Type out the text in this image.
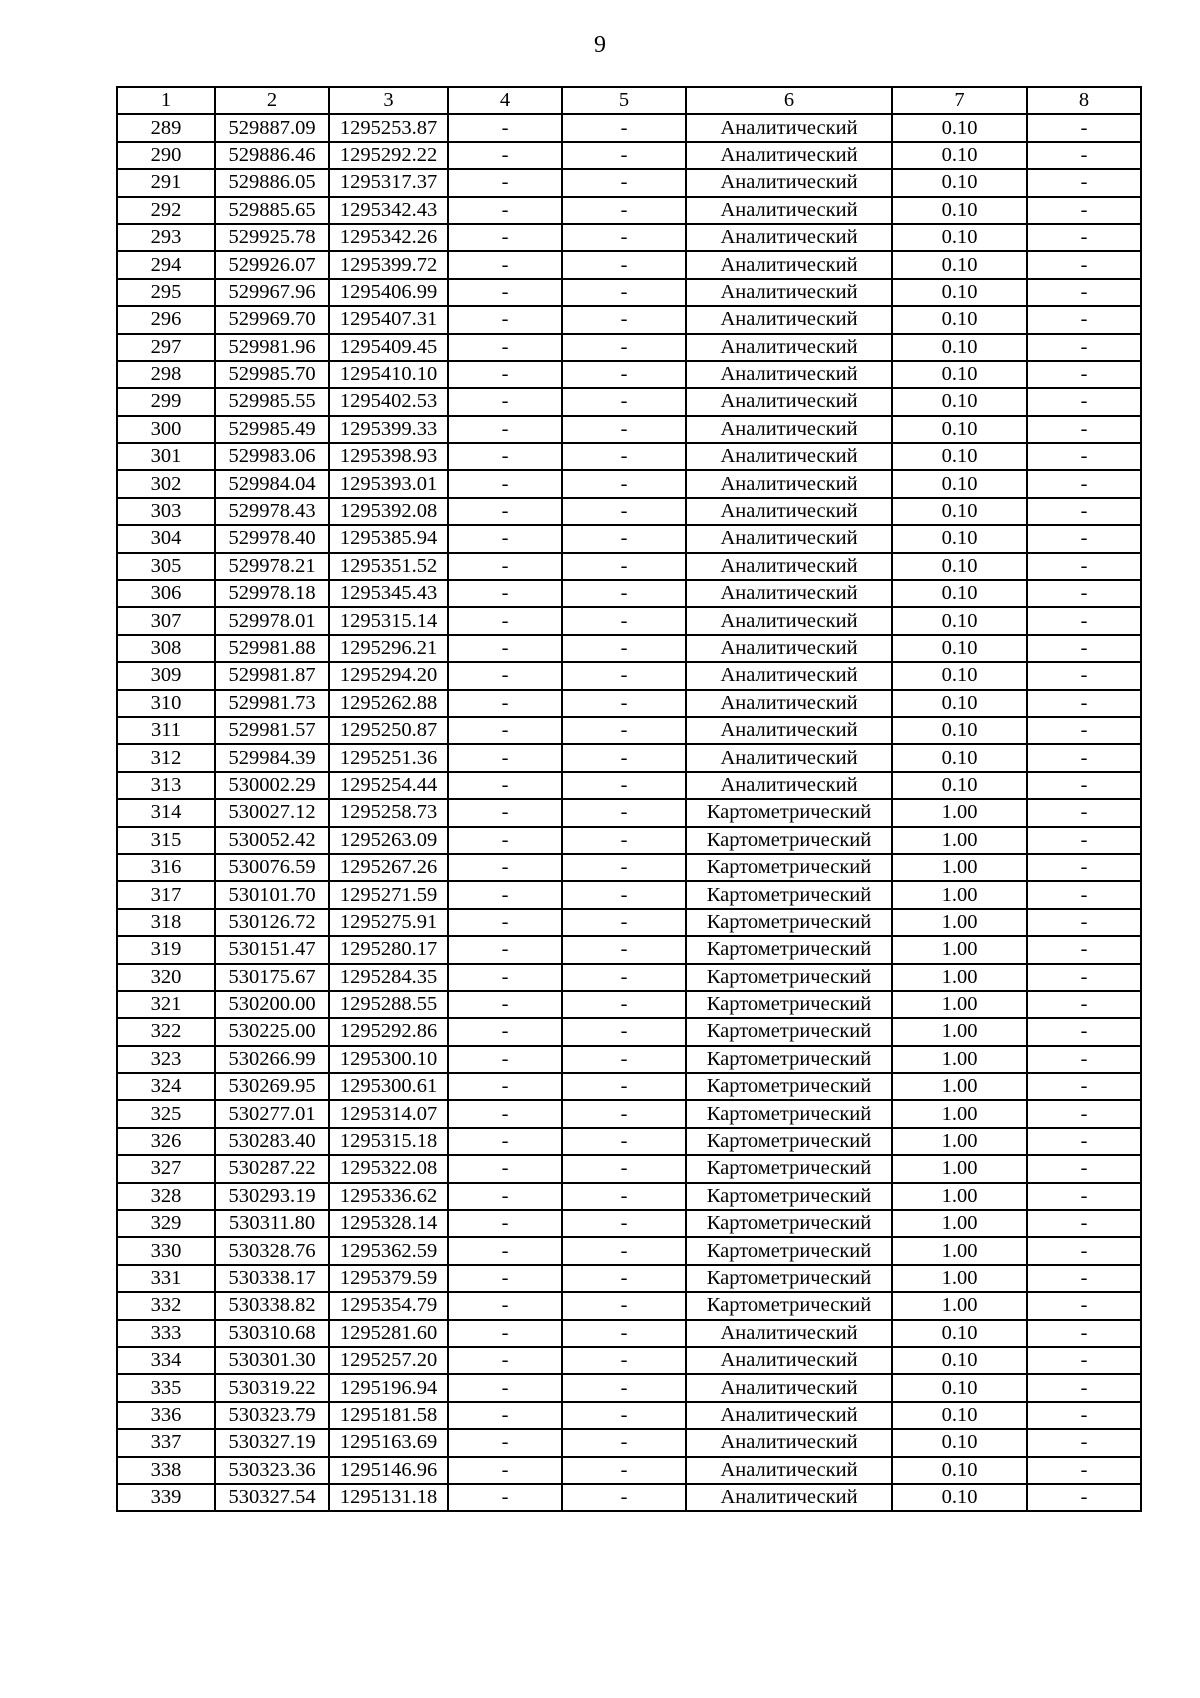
9
1	2	3	4	5	6	7	8
289	529887.09	1295253.87	-	-	Аналитический	0.10	-
290	529886.46	1295292.22	-	-	Аналитический	0.10	-
291	529886.05	1295317.37	-	-	Аналитический	0.10	-
292	529885.65	1295342.43	-	-	Аналитический	0.10	-
293	529925.78	1295342.26	-	-	Аналитический	0.10	-
294	529926.07	1295399.72	-	-	Аналитический	0.10	-
295	529967.96	1295406.99	-	-	Аналитический	0.10	-
296	529969.70	1295407.31	-	-	Аналитический	0.10	-
297	529981.96	1295409.45	-	-	Аналитический	0.10	-
298	529985.70	1295410.10	-	-	Аналитический	0.10	-
299	529985.55	1295402.53	-	-	Аналитический	0.10	-
300	529985.49	1295399.33	-	-	Аналитический	0.10	-
301	529983.06	1295398.93	-	-	Аналитический	0.10	-
302	529984.04	1295393.01	-	-	Аналитический	0.10	-
303	529978.43	1295392.08	-	-	Аналитический	0.10	-
304	529978.40	1295385.94	-	-	Аналитический	0.10	-
305	529978.21	1295351.52	-	-	Аналитический	0.10	-
306	529978.18	1295345.43	-	-	Аналитический	0.10	-
307	529978.01	1295315.14	-	-	Аналитический	0.10	-
308	529981.88	1295296.21	-	-	Аналитический	0.10	-
309	529981.87	1295294.20	-	-	Аналитический	0.10	-
310	529981.73	1295262.88	-	-	Аналитический	0.10	-
311	529981.57	1295250.87	-	-	Аналитический	0.10	-
312	529984.39	1295251.36	-	-	Аналитический	0.10	-
313	530002.29	1295254.44	-	-	Аналитический	0.10	-
314	530027.12	1295258.73	-	-	Картометрический	1.00	-
315	530052.42	1295263.09	-	-	Картометрический	1.00	-
316	530076.59	1295267.26	-	-	Картометрический	1.00	-
317	530101.70	1295271.59	-	-	Картометрический	1.00	-
318	530126.72	1295275.91	-	-	Картометрический	1.00	-
319	530151.47	1295280.17	-	-	Картометрический	1.00	-
320	530175.67	1295284.35	-	-	Картометрический	1.00	-
321	530200.00	1295288.55	-	-	Картометрический	1.00	-
322	530225.00	1295292.86	-	-	Картометрический	1.00	-
323	530266.99	1295300.10	-	-	Картометрический	1.00	-
324	530269.95	1295300.61	-	-	Картометрический	1.00	-
325	530277.01	1295314.07	-	-	Картометрический	1.00	-
326	530283.40	1295315.18	-	-	Картометрический	1.00	-
327	530287.22	1295322.08	-	-	Картометрический	1.00	-
328	530293.19	1295336.62	-	-	Картометрический	1.00	-
329	530311.80	1295328.14	-	-	Картометрический	1.00	-
330	530328.76	1295362.59	-	-	Картометрический	1.00	-
331	530338.17	1295379.59	-	-	Картометрический	1.00	-
332	530338.82	1295354.79	-	-	Картометрический	1.00	-
333	530310.68	1295281.60	-	-	Аналитический	0.10	-
334	530301.30	1295257.20	-	-	Аналитический	0.10	-
335	530319.22	1295196.94	-	-	Аналитический	0.10	-
336	530323.79	1295181.58	-	-	Аналитический	0.10	-
337	530327.19	1295163.69	-	-	Аналитический	0.10	-
338	530323.36	1295146.96	-	-	Аналитический	0.10	-
339	530327.54	1295131.18	-	-	Аналитический	0.10	-
